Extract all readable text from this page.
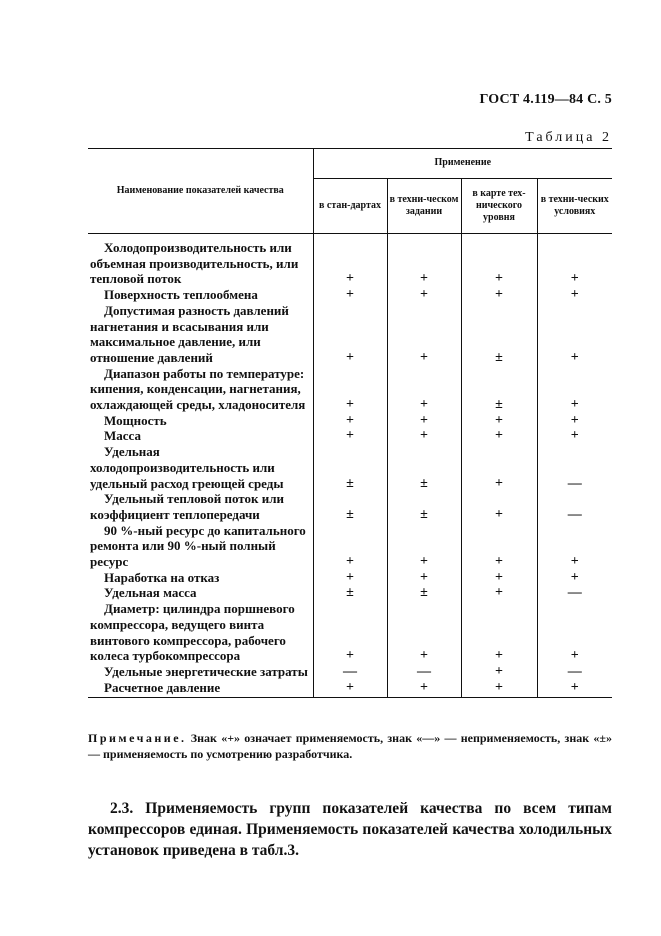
ГОСТ 4.119—84 С. 5
Таблица 2
Наименование показателей качества	Применение			
	в стан-дартах	в техни-ческом задании	в карте тех-нического уровня	в техни-ческих условиях
Холодопроизводительность или объемная производительность, или тепловой поток	+	+	+	+
Поверхность теплообмена	+	+	+	+
Допустимая разность давлений нагнетания и всасывания или максимальное давление, или отношение давлений	+	+	±	+
Диапазон работы по температуре: кипения, конденсации, нагнетания, охлаждающей среды, хладоносителя	+	+	±	+
Мощность	+	+	+	+
Масса	+	+	+	+
Удельная холодопроизводительность или удельный расход греющей среды	±	±	+	—
Удельный тепловой поток или коэффициент теплопередачи	±	±	+	—
90 %-ный ресурс до капитального ремонта или 90 %-ный полный ресурс	+	+	+	+
Наработка на отказ	+	+	+	+
Удельная масса	±	±	+	—
Диаметр: цилиндра поршневого компрессора, ведущего винта винтового компрессора, рабочего колеса турбокомпрессора	+	+	+	+
Удельные энергетические затраты	—	—	+	—
Расчетное давление	+	+	+	+
Примечание. Знак «+» означает применяемость, знак «—» — неприменяемость, знак «±» — применяемость по усмотрению разработчика.
2.3. Применяемость групп показателей качества по всем типам компрессоров единая. Применяемость показателей качества холодильных установок приведена в табл.3.
